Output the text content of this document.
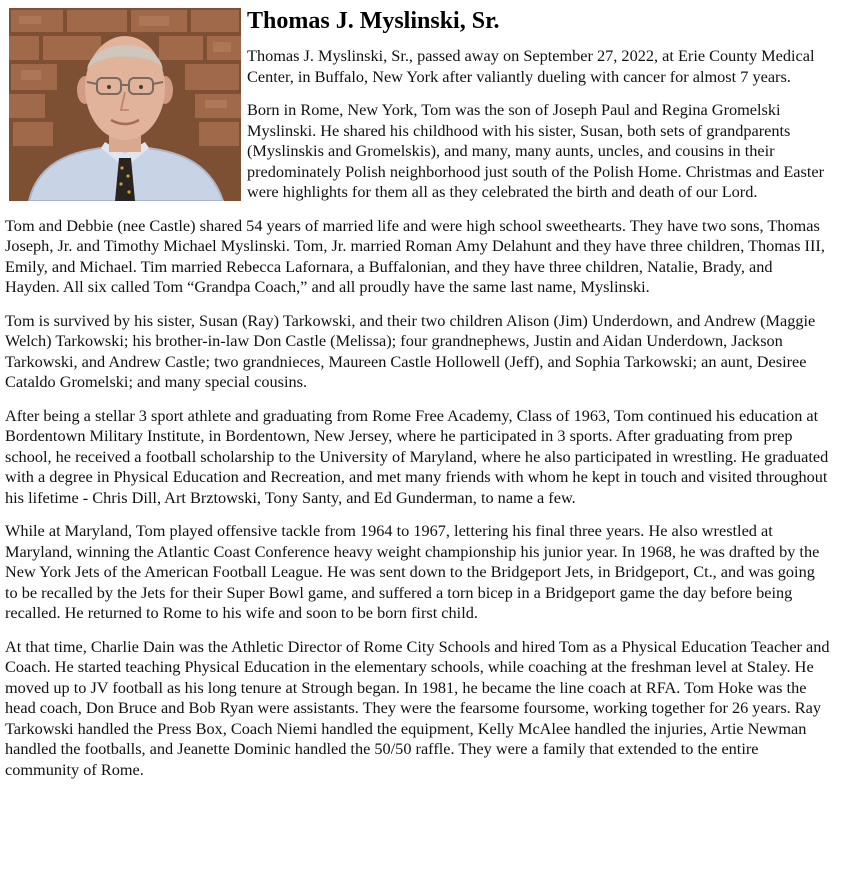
Thomas J. Myslinski, Sr.

Thomas J. Myslinski, Sr., passed away on September 27, 2022, at Erie County Medical Center, in Buffalo, New York after valiantly dueling with cancer for almost 7 years.

Born in Rome, New York, Tom was the son of Joseph Paul and Regina Gromelski Myslinski. He shared his childhood with his sister, Susan, both sets of grandparents (Myslinskis and Gromelskis), and many, many aunts, uncles, and cousins in their predominately Polish neighborhood just south of the Polish Home. Christmas and Easter were highlights for them all as they celebrated the birth and death of our Lord.

Tom and Debbie (nee Castle) shared 54 years of married life and were high school sweethearts. They have two sons, Thomas Joseph, Jr. and Timothy Michael Myslinski. Tom, Jr. married Roman Amy Delahunt and they have three children, Thomas III, Emily, and Michael. Tim married Rebecca Lafornara, a Buffalonian, and they have three children, Natalie, Brady, and Hayden. All six called Tom “Grandpa Coach,” and all proudly have the same last name, Myslinski.

Tom is survived by his sister, Susan (Ray) Tarkowski, and their two children Alison (Jim) Underdown, and Andrew (Maggie Welch) Tarkowski; his brother-in-law Don Castle (Melissa); four grandnephews, Justin and Aidan Underdown, Jackson Tarkowski, and Andrew Castle; two grandnieces, Maureen Castle Hollowell (Jeff), and Sophia Tarkowski; an aunt, Desiree Cataldo Gromelski; and many special cousins.

After being a stellar 3 sport athlete and graduating from Rome Free Academy, Class of 1963, Tom continued his education at Bordentown Military Institute, in Bordentown, New Jersey, where he participated in 3 sports. After graduating from prep school, he received a football scholarship to the University of Maryland, where he also participated in wrestling. He graduated with a degree in Physical Education and Recreation, and met many friends with whom he kept in touch and visited throughout his lifetime - Chris Dill, Art Brztowski, Tony Santy, and Ed Gunderman, to name a few.

While at Maryland, Tom played offensive tackle from 1964 to 1967, lettering his final three years. He also wrestled at Maryland, winning the Atlantic Coast Conference heavy weight championship his junior year. In 1968, he was drafted by the New York Jets of the American Football League. He was sent down to the Bridgeport Jets, in Bridgeport, Ct., and was going to be recalled by the Jets for their Super Bowl game, and suffered a torn bicep in a Bridgeport game the day before being recalled. He returned to Rome to his wife and soon to be born first child.

At that time, Charlie Dain was the Athletic Director of Rome City Schools and hired Tom as a Physical Education Teacher and Coach. He started teaching Physical Education in the elementary schools, while coaching at the freshman level at Staley. He moved up to JV football as his long tenure at Strough began. In 1981, he became the line coach at RFA. Tom Hoke was the head coach, Don Bruce and Bob Ryan were assistants. They were the fearsome foursome, working together for 26 years. Ray Tarkowski handled the Press Box, Coach Niemi handled the equipment, Kelly McAlee handled the injuries, Artie Newman handled the footballs, and Jeanette Dominic handled the 50/50 raffle. They were a family that extended to the entire community of Rome.
